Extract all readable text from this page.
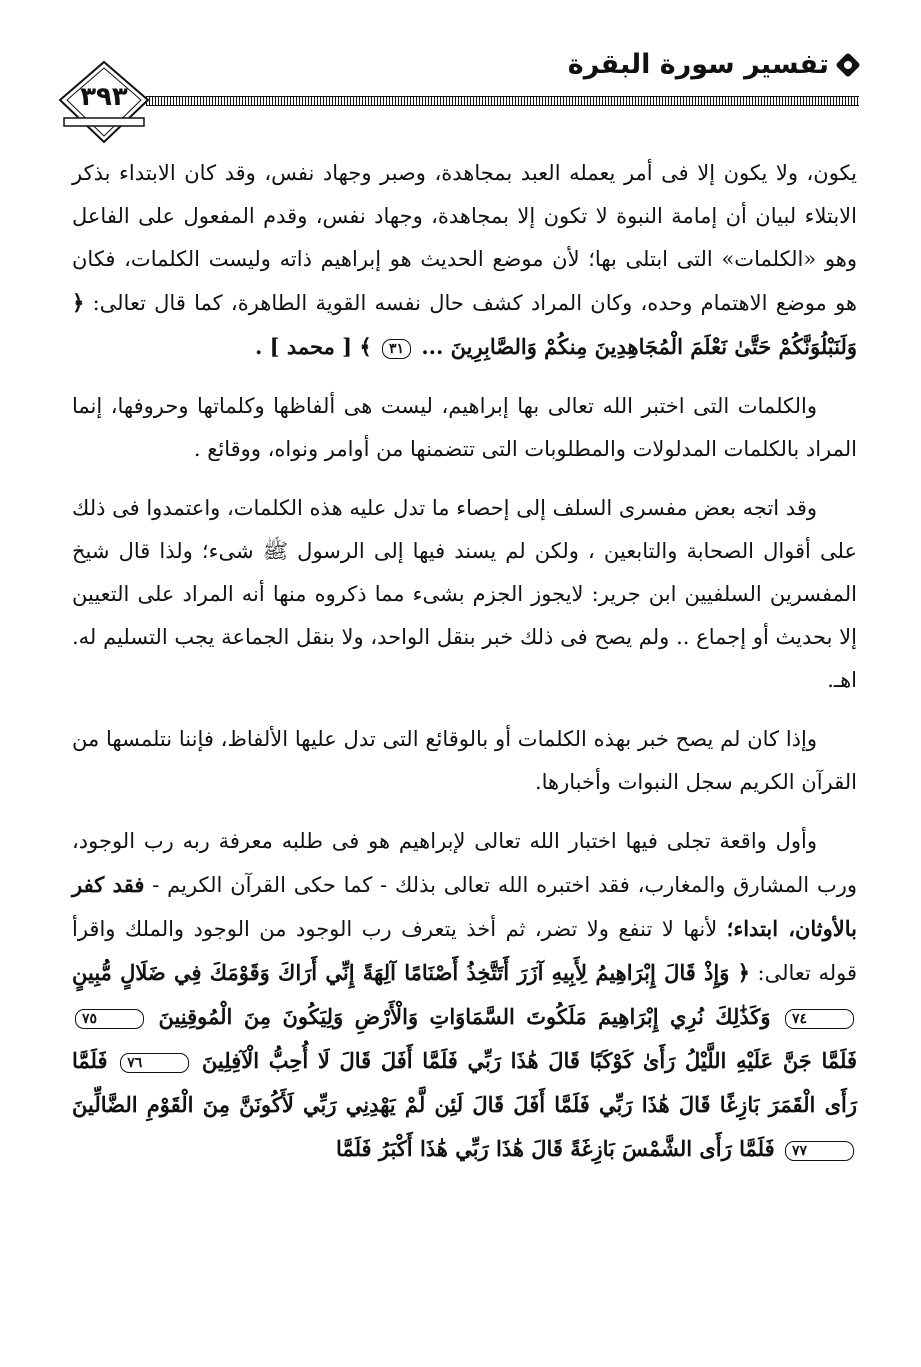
تفسير سورة البقرة
٣٩٣

يكون، ولا يكون إلا فى أمر يعمله العبد بمجاهدة، وصبر وجهاد نفس، وقد كان الابتداء بذكر الابتلاء لبيان أن إمامة النبوة لا تكون إلا بمجاهدة، وجهاد نفس، وقدم المفعول على الفاعل وهو «الكلمات» التى ابتلى بها؛ لأن موضع الحديث هو إبراهيم ذاته وليست الكلمات، فكان هو موضع الاهتمام وحده، وكان المراد كشف حال نفسه القوية الطاهرة، كما قال تعالى: ﴿ وَلَنَبْلُوَنَّكُمْ حَتَّىٰ نَعْلَمَ الْمُجَاهِدِينَ مِنكُمْ وَالصَّابِرِينَ ... ٣١ ﴾ [ محمد ] .

والكلمات التى اختبر الله تعالى بها إبراهيم، ليست هى ألفاظها وكلماتها وحروفها، إنما المراد بالكلمات المدلولات والمطلوبات التى تتضمنها من أوامر ونواه، ووقائع .

وقد اتجه بعض مفسرى السلف إلى إحصاء ما تدل عليه هذه الكلمات، واعتمدوا فى ذلك على أقوال الصحابة والتابعين ، ولكن لم يسند فيها إلى الرسول ﷺ شىء؛ ولذا قال شيخ المفسرين السلفيين ابن جرير: لايجوز الجزم بشىء مما ذكروه منها أنه المراد على التعيين إلا بحديث أو إجماع .. ولم يصح فى ذلك خبر بنقل الواحد، ولا بنقل الجماعة يجب التسليم له. اهـ.

وإذا كان لم يصح خبر بهذه الكلمات أو بالوقائع التى تدل عليها الألفاظ، فإننا نتلمسها من القرآن الكريم سجل النبوات وأخبارها.

وأول واقعة تجلى فيها اختبار الله تعالى لإبراهيم هو فى طلبه معرفة ربه رب الوجود، ورب المشارق والمغارب، فقد اختبره الله تعالى بذلك - كما حكى القرآن الكريم - فقد كفر بالأوثان، ابتداء؛ لأنها لا تنفع ولا تضر، ثم أخذ يتعرف رب الوجود من الوجود والملك واقرأ قوله تعالى: ﴿ وَإِذْ قَالَ إِبْرَاهِيمُ لِأَبِيهِ آزَرَ أَتَتَّخِذُ أَصْنَامًا آلِهَةً إِنِّي أَرَاكَ وَقَوْمَكَ فِي ضَلَالٍ مُّبِينٍ ٧٤ وَكَذَٰلِكَ نُرِي إِبْرَاهِيمَ مَلَكُوتَ السَّمَاوَاتِ وَالْأَرْضِ وَلِيَكُونَ مِنَ الْمُوقِنِينَ ٧٥ فَلَمَّا جَنَّ عَلَيْهِ اللَّيْلُ رَأَىٰ كَوْكَبًا قَالَ هَٰذَا رَبِّي فَلَمَّا أَفَلَ قَالَ لَا أُحِبُّ الْآفِلِينَ ٧٦ فَلَمَّا رَأَى الْقَمَرَ بَازِغًا قَالَ هَٰذَا رَبِّي فَلَمَّا أَفَلَ قَالَ لَئِن لَّمْ يَهْدِنِي رَبِّي لَأَكُونَنَّ مِنَ الْقَوْمِ الضَّالِّينَ ٧٧ فَلَمَّا رَأَى الشَّمْسَ بَازِغَةً قَالَ هَٰذَا رَبِّي هَٰذَا أَكْبَرُ فَلَمَّا
